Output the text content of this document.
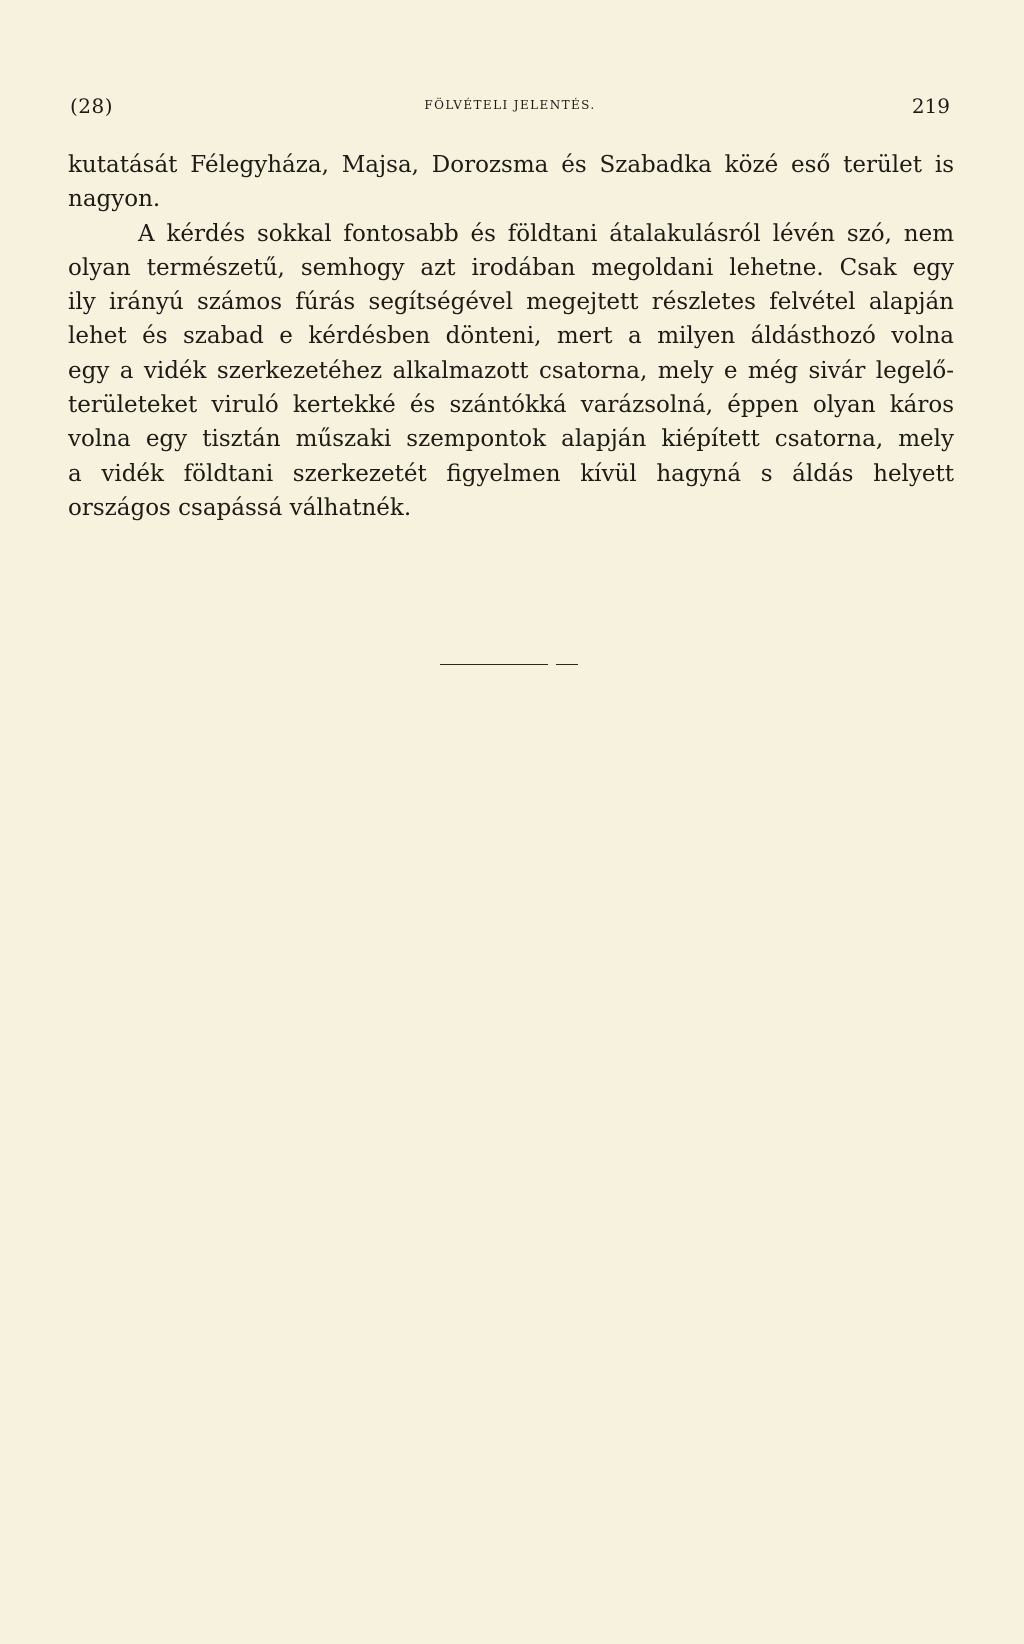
(28)	FÖLVÉTELI JELENTÉS.	219
kutatását Félegyháza, Majsa, Dorozsma és Szabadka közé eső terület is
nagyon.
A kérdés sokkal fontosabb és földtani átalakulásról lévén szó, nem
olyan természetű, semhogy azt irodában megoldani lehetne. Csak egy
ily irányú számos fúrás segítségével megejtett részletes felvétel alapján
lehet és szabad e kérdésben dönteni, mert a milyen áldásthozó volna
egy a vidék szerkezetéhez alkalmazott csatorna, mely e még sivár legelő-
területeket viruló kertekké és szántókká varázsolná, éppen olyan káros
volna egy tisztán műszaki szempontok alapján kiépített csatorna, mely
a vidék földtani szerkezetét figyelmen kívül hagyná s áldás helyett
országos csapássá válhatnék.
